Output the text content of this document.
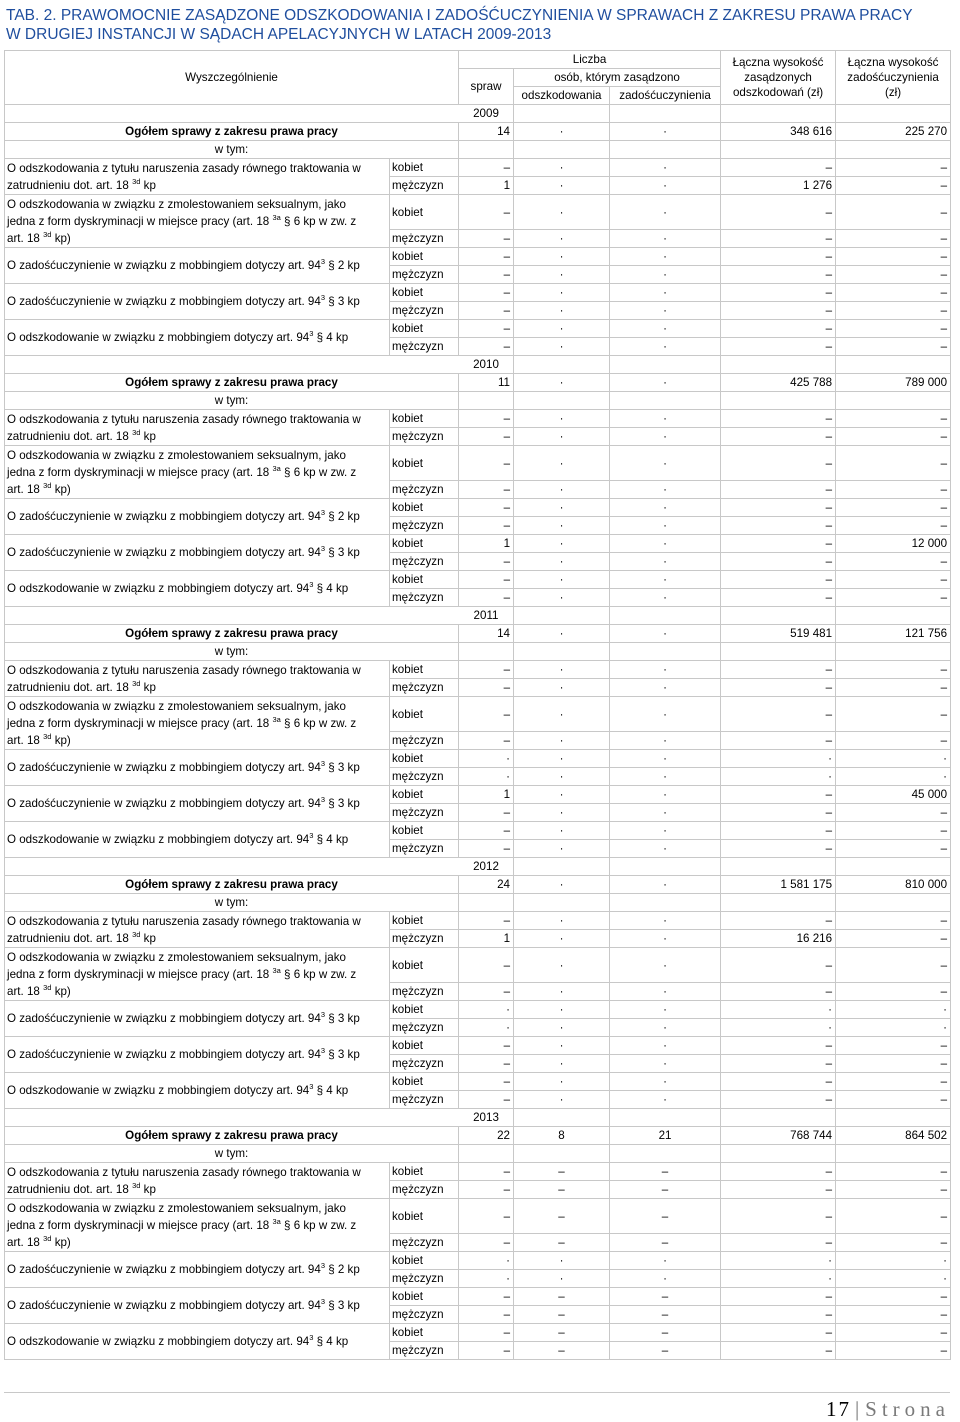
TAB. 2. PRAWOMOCNIE ZASĄDZONE ODSZKODOWANIA I ZADOŚĆUCZYNIENIA W SPRAWACH Z ZAKRESU PRAWA PRACY
W DRUGIEJ INSTANCJI W SĄDACH APELACYJNYCH W LATACH 2009-2013
Wyszczególnienie		Liczba			Łączna wysokość zasądzonych odszkodowań (zł)	Łączna wysokość zadośćuczynienia (zł)
		spraw	osób, którym zasądzono			
			odszkodowania	zadośćuczynienia		
		2009				
Ogółem sprawy z zakresu prawa pracy		14	·	·	348 616	225 270
w tym:						
O odszkodowania z tytułu naruszenia zasady równego traktowania w
zatrudnieniu dot. art. 18 $^{3d}$ kp	kobiet	–	·	·	–	–
	mężczyzn	1	·	·	1 276	–
O odszkodowania w związku z zmolestowaniem seksualnym, jako
jedna z form dyskryminacji w miejsce pracy (art. 18 $^{3a}$ § 6 kp w zw. z
art. 18 $^{3d}$ kp)	kobiet	–	·	·	–	–
	mężczyzn	–	·	·	–	–
O zadośćuczynienie w związku z mobbingiem dotyczy art. $94^3$ § 2 kp	kobiet	–	·	·	–	–
	mężczyzn	–	·	·	–	–
O zadośćuczynienie w związku z mobbingiem dotyczy art. $94^3$ § 3 kp	kobiet	–	·	·	–	–
	mężczyzn	–	·	·	–	–
O odszkodowanie w związku z mobbingiem dotyczy art. $94^3$ § 4 kp	kobiet	–	·	·	–	–
	mężczyzn	–	·	·	–	–
		2010				
Ogółem sprawy z zakresu prawa pracy		11	·	·	425 788	789 000
w tym:						
O odszkodowania z tytułu naruszenia zasady równego traktowania w
zatrudnieniu dot. art. 18 $^{3d}$ kp	kobiet	–	·	·	–	–
	mężczyzn	–	·	·	–	–
O odszkodowania w związku z zmolestowaniem seksualnym, jako
jedna z form dyskryminacji w miejsce pracy (art. 18 $^{3a}$ § 6 kp w zw. z
art. 18 $^{3d}$ kp)	kobiet	–	·	·	–	–
	mężczyzn	–	·	·	–	–
O zadośćuczynienie w związku z mobbingiem dotyczy art. $94^3$ § 2 kp	kobiet	–	·	·	–	–
	mężczyzn	–	·	·	–	–
O zadośćuczynienie w związku z mobbingiem dotyczy art. $94^3$ § 3 kp	kobiet	1	·	·	–	12 000
	mężczyzn	–	·	·	–	–
O odszkodowanie w związku z mobbingiem dotyczy art. $94^3$ § 4 kp	kobiet	–	·	·	–	–
	mężczyzn	–	·	·	–	–
		2011				
Ogółem sprawy z zakresu prawa pracy		14	·	·	519 481	121 756
w tym:						
O odszkodowania z tytułu naruszenia zasady równego traktowania w
zatrudnieniu dot. art. 18 $^{3d}$ kp	kobiet	–	·	·	–	–
	mężczyzn	–	·	·	–	–
O odszkodowania w związku z zmolestowaniem seksualnym, jako
jedna z form dyskryminacji w miejsce pracy (art. 18 $^{3a}$ § 6 kp w zw. z
art. 18 $^{3d}$ kp)	kobiet	–	·	·	–	–
	mężczyzn	–	·	·	–	–
O zadośćuczynienie w związku z mobbingiem dotyczy art. $94^3$ § 3 kp	kobiet	·	·	·	·	·
	mężczyzn	·	·	·	·	·
O zadośćuczynienie w związku z mobbingiem dotyczy art. $94^3$ § 3 kp	kobiet	1	·	·	–	45 000
	mężczyzn	–	·	·	–	–
O odszkodowanie w związku z mobbingiem dotyczy art. $94^3$ § 4 kp	kobiet	–	·	·	–	–
	mężczyzn	–	·	·	–	–
		2012				
Ogółem sprawy z zakresu prawa pracy		24	·	·	1 581 175	810 000
w tym:						
O odszkodowania z tytułu naruszenia zasady równego traktowania w
zatrudnieniu dot. art. 18 $^{3d}$ kp	kobiet	–	·	·	–	–
	mężczyzn	1	·	·	16 216	–
O odszkodowania w związku z zmolestowaniem seksualnym, jako
jedna z form dyskryminacji w miejsce pracy (art. 18 $^{3a}$ § 6 kp w zw. z
art. 18 $^{3d}$ kp)	kobiet	–	·	·	–	–
	mężczyzn	–	·	·	–	–
O zadośćuczynienie w związku z mobbingiem dotyczy art. $94^3$ § 3 kp	kobiet	·	·	·	·	·
	mężczyzn	·	·	·	·	·
O zadośćuczynienie w związku z mobbingiem dotyczy art. $94^3$ § 3 kp	kobiet	–	·	·	–	–
	mężczyzn	–	·	·	–	–
O odszkodowanie w związku z mobbingiem dotyczy art. $94^3$ § 4 kp	kobiet	–	·	·	–	–
	mężczyzn	–	·	·	–	–
		2013				
Ogółem sprawy z zakresu prawa pracy		22	8	21	768 744	864 502
w tym:						
O odszkodowania z tytułu naruszenia zasady równego traktowania w
zatrudnieniu dot. art. 18 $^{3d}$ kp	kobiet	–	–	–	–	–
	mężczyzn	–	–	–	–	–
O odszkodowania w związku z zmolestowaniem seksualnym, jako
jedna z form dyskryminacji w miejsce pracy (art. 18 $^{3a}$ § 6 kp w zw. z
art. 18 $^{3d}$ kp)	kobiet	–	–	–	–	–
	mężczyzn	–	–	–	–	–
O zadośćuczynienie w związku z mobbingiem dotyczy art. $94^3$ § 2 kp	kobiet	·	·	·	·	·
	mężczyzn	·	·	·	·	·
O zadośćuczynienie w związku z mobbingiem dotyczy art. $94^3$ § 3 kp	kobiet	–	–	–	–	–
	mężczyzn	–	–	–	–	–
O odszkodowanie w związku z mobbingiem dotyczy art. $94^3$ § 4 kp	kobiet	–	–	–	–	–
	mężczyzn	–	–	–	–	–
17 | Strona
